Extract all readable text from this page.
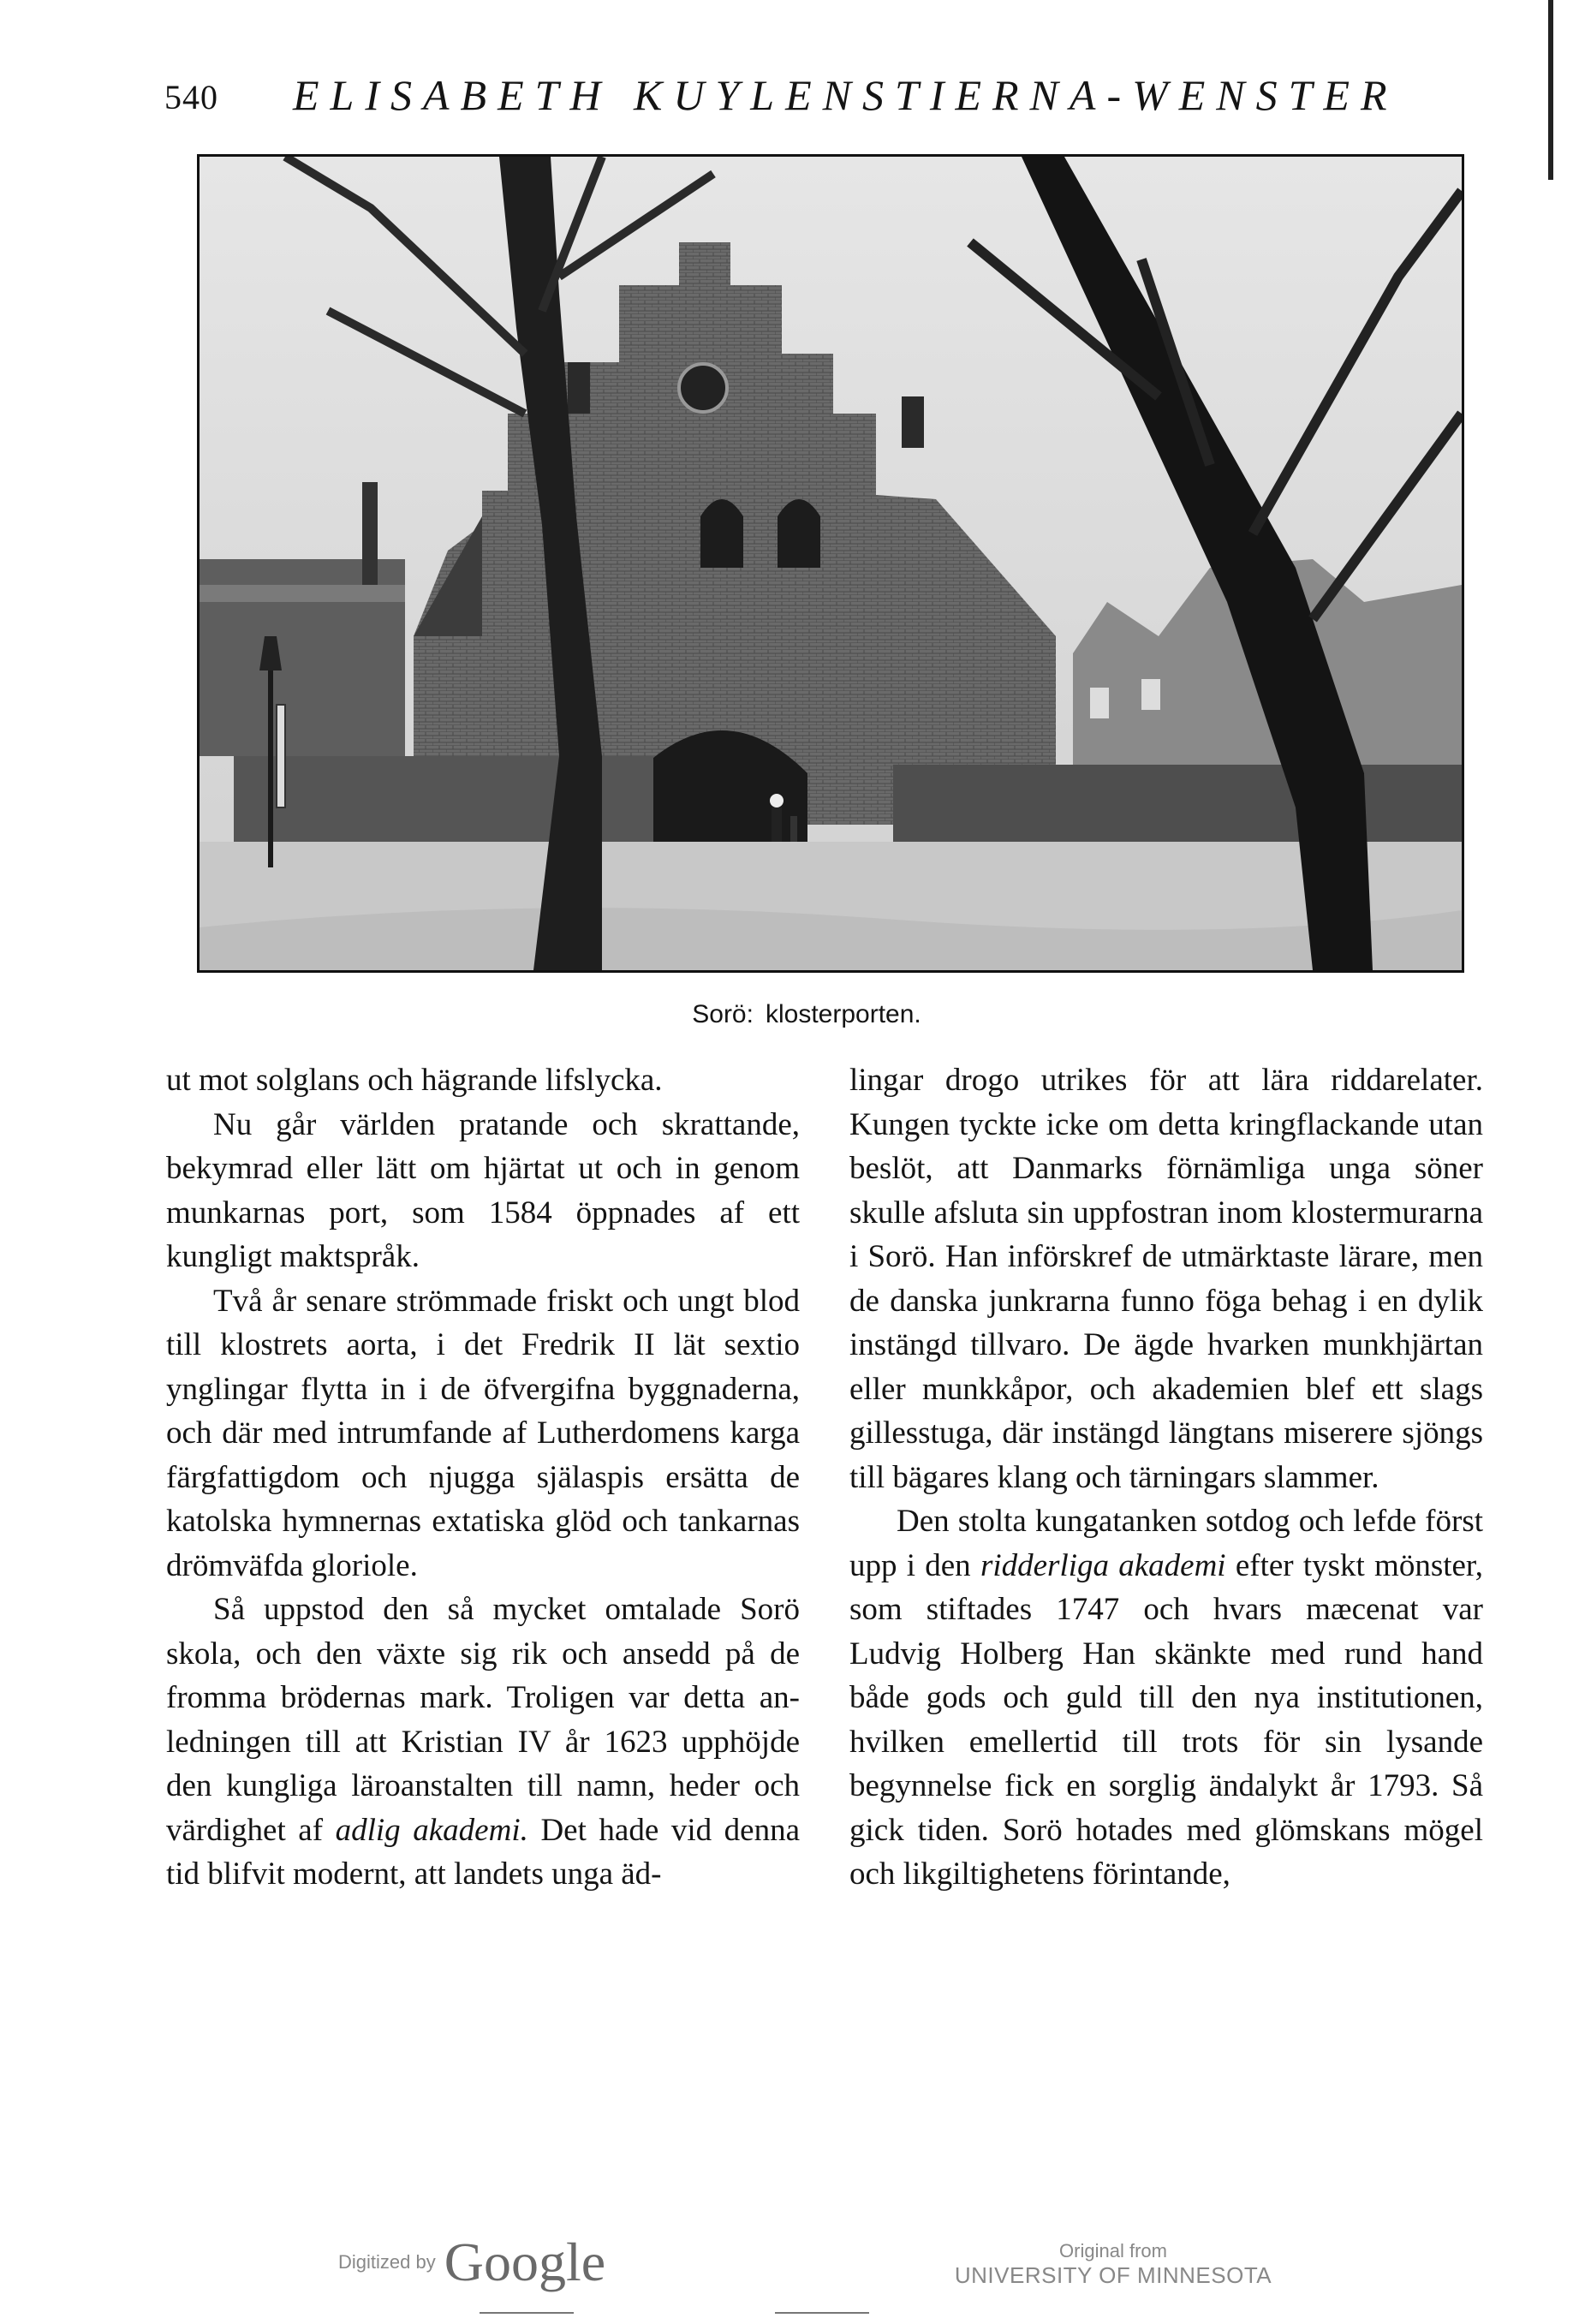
540 ELISABETH KUYLENSTIERNA-WENSTER
Sorö: klosterporten.

ut mot solglans och hägrande lifslycka.

Nu går världen pratande och skrattande, bekymrad eller lätt om hjärtat ut och in genom munkarnas port, som 1584 öppnades af ett kungligt maktspråk.

Två år senare strömmade friskt och ungt blod till klostrets aorta, i det Fredrik II lät sextio ynglingar flytta in i de öfvergifna byggnaderna, och där med intrumfande af Lutherdomens karga färgfattigdom och njugga själaspis ersätta de katolska hymnernas extatiska glöd och tankarnas drömväfda gloriole.

Så uppstod den så mycket omtalade Sorö skola, och den växte sig rik och ansedd på de fromma brödernas mark. Troligen var detta anledningen till att Kristian IV år 1623 upphöjde den kungliga läroanstalten till namn, heder och värdighet af adlig akademi. Det hade vid denna tid blifvit modernt, att landets unga äd-

lingar drogo utrikes för att lära riddarelater. Kungen tyckte icke om detta kringflackande utan beslöt, att Danmarks förnämliga unga söner skulle afsluta sin uppfostran inom klostermurarna i Sorö. Han införskref de utmärktaste lärare, men de danska junkrarna funno föga behag i en dylik instängd tillvaro. De ägde hvarken munkhjärtan eller munkkåpor, och akademien blef ett slags gillesstuga, där instängd längtans miserere sjöngs till bägares klang och tärningars slammer.

Den stolta kungatanken sotdog och lefde först upp i den ridderliga akademi efter tyskt mönster, som stiftades 1747 och hvars mæcenat var Ludvig Holberg Han skänkte med rund hand både gods och guld till den nya institutionen, hvilken emellertid till trots för sin lysande begynnelse fick en sorglig ändalykt år 1793. Så gick tiden. Sorö hotades med glömskans mögel och likgiltighetens förintande,

Digitized by Google	Original from
UNIVERSITY OF MINNESOTA
